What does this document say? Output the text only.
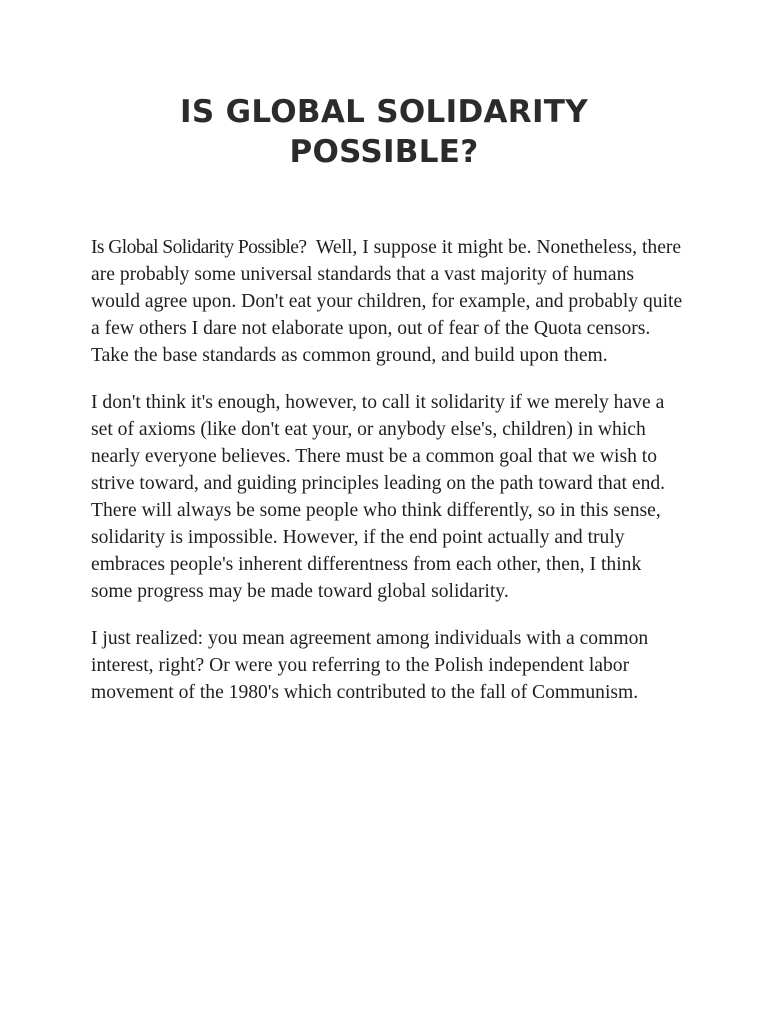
IS GLOBAL SOLIDARITY POSSIBLE?

Is Global Solidarity Possible?  Well, I suppose it might be. Nonetheless, there are probably some universal standards that a vast majority of humans would agree upon. Don't eat your children, for example, and probably quite a few others I dare not elaborate upon, out of fear of the Quota censors. Take the base standards as common ground, and build upon them.

I don't think it's enough, however, to call it solidarity if we merely have a set of axioms (like don't eat your, or anybody else's, children) in which nearly everyone believes. There must be a common goal that we wish to strive toward, and guiding principles leading on the path toward that end. There will always be some people who think differently, so in this sense, solidarity is impossible. However, if the end point actually and truly embraces people's inherent differentness from each other, then, I think some progress may be made toward global solidarity.

I just realized: you mean agreement among individuals with a common interest, right? Or were you referring to the Polish independent labor movement of the 1980's which contributed to the fall of Communism.
